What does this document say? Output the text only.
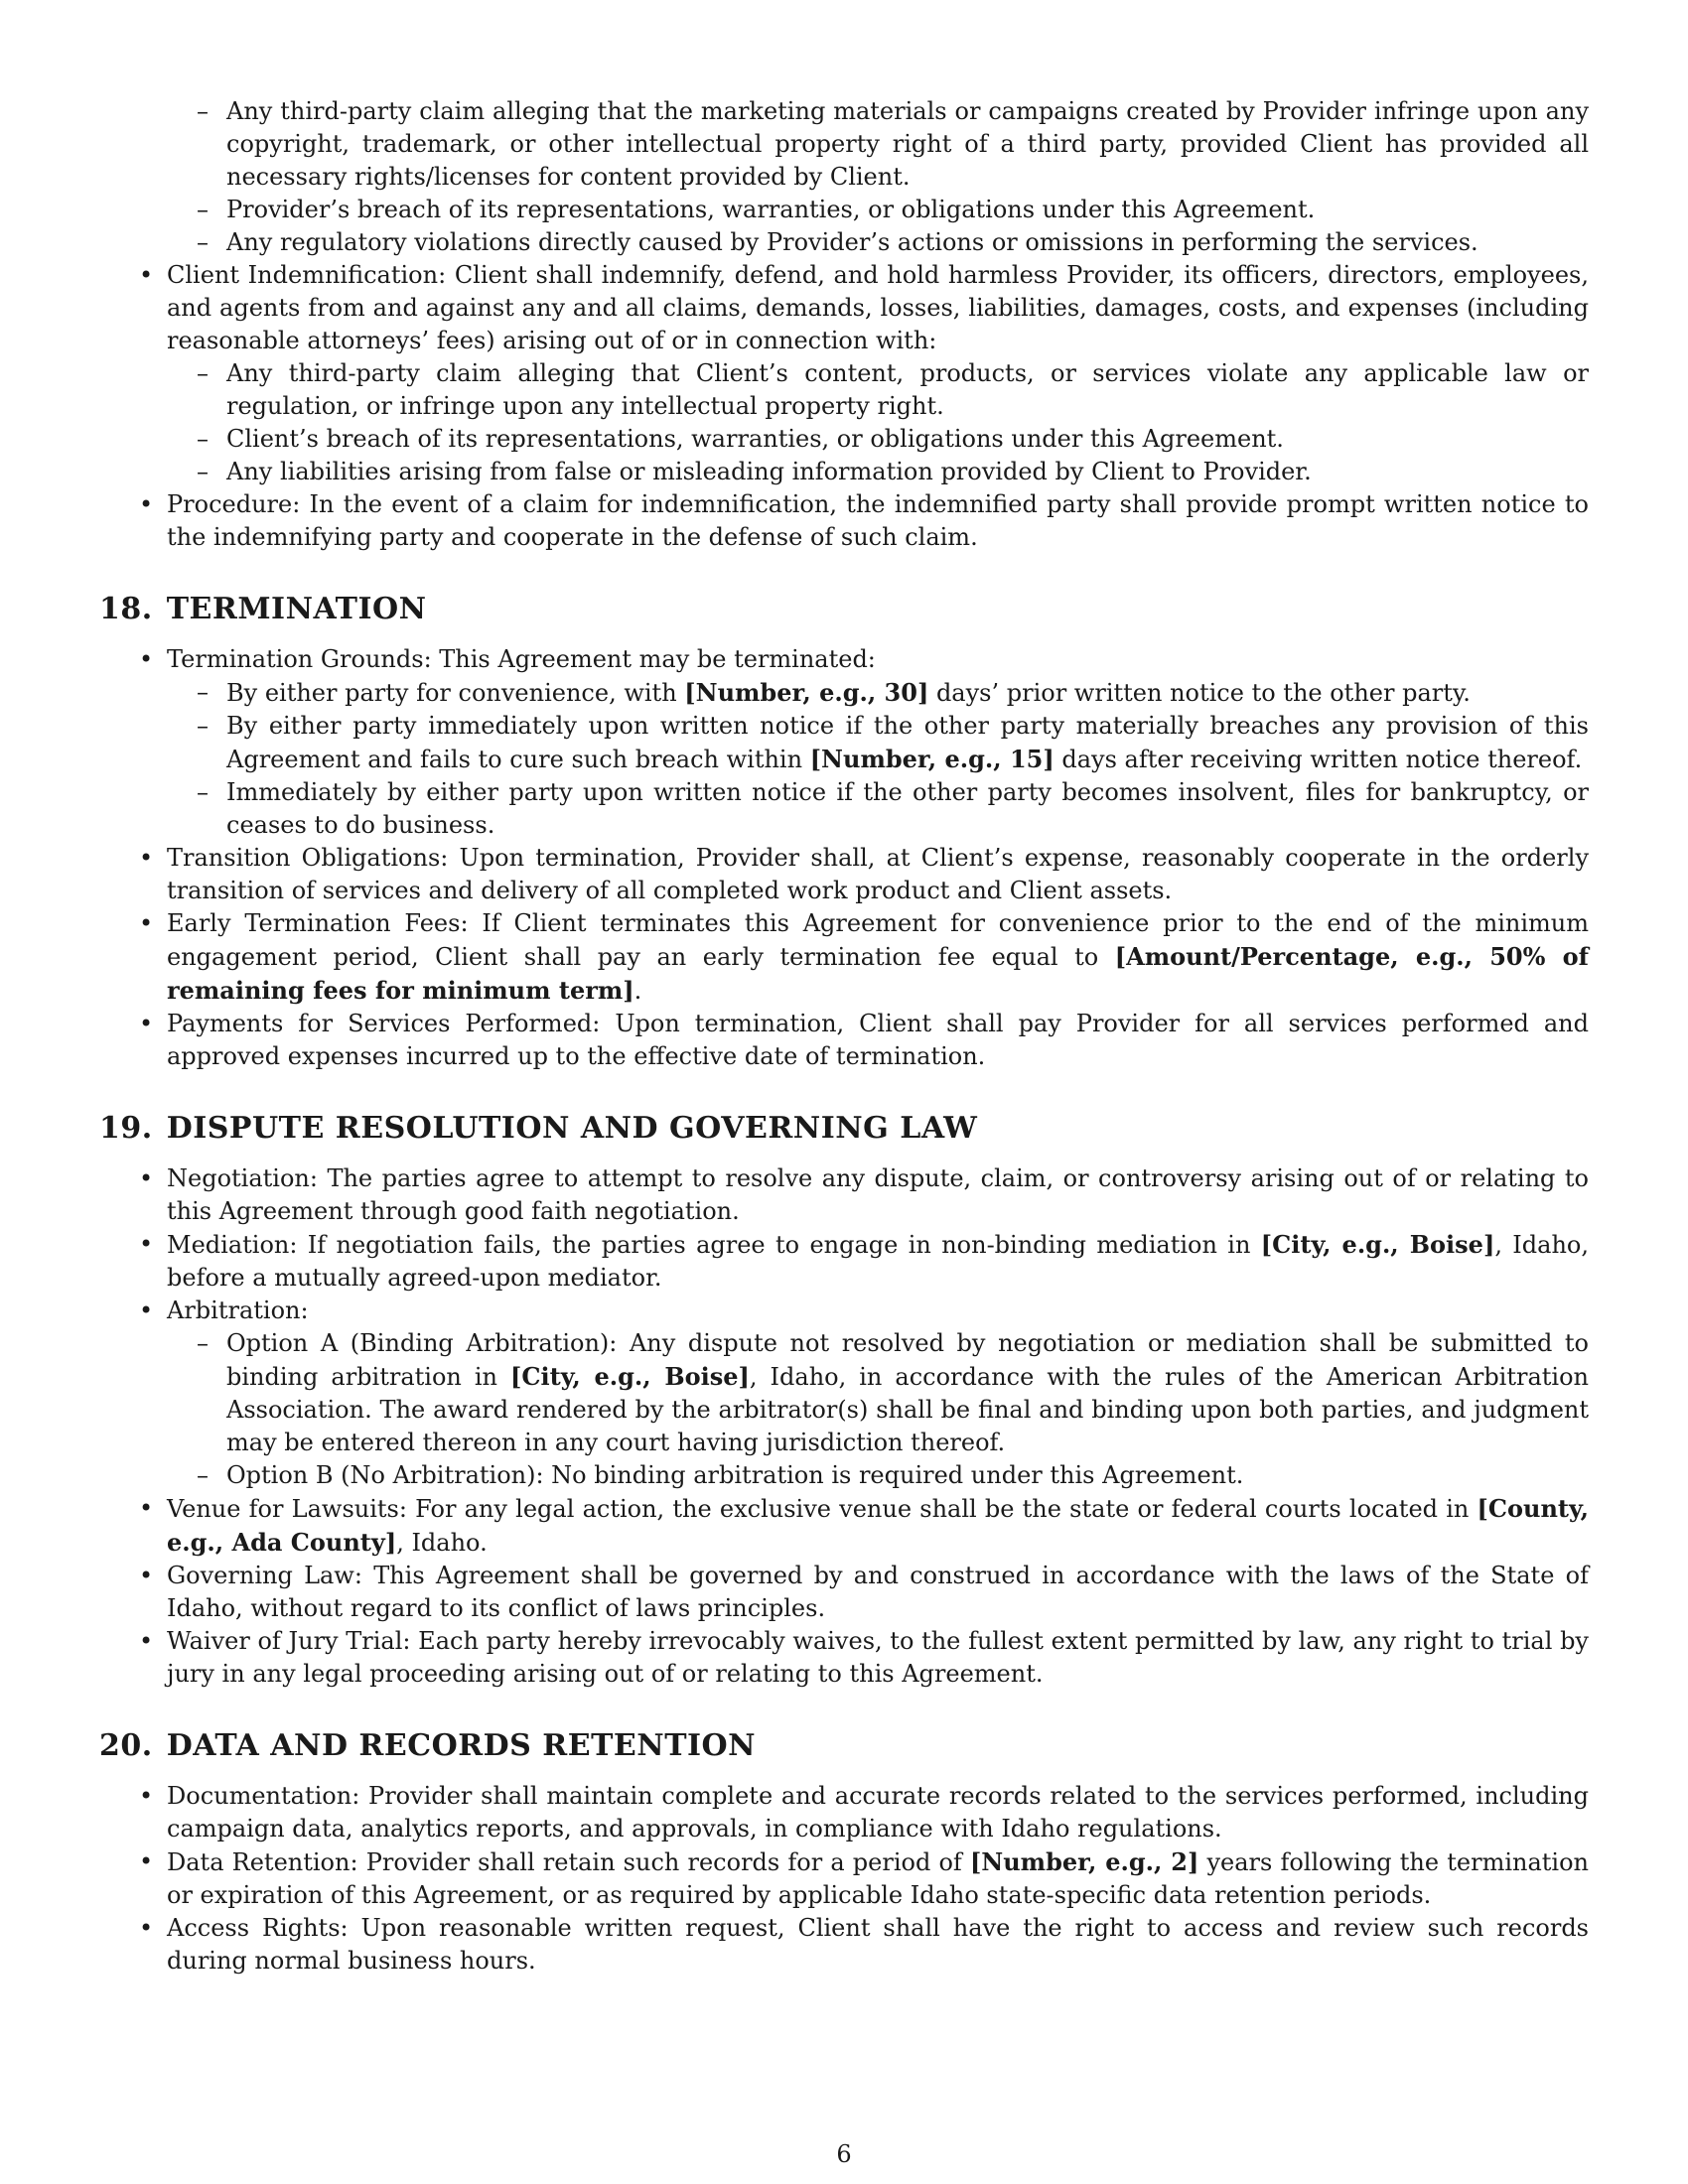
– Any third-party claim alleging that the marketing materials or campaigns created by Provider infringe upon any copyright, trademark, or other intellectual property right of a third party, provided Client has provided all necessary rights/licenses for content provided by Client.
– Provider’s breach of its representations, warranties, or obligations under this Agreement.
– Any regulatory violations directly caused by Provider’s actions or omissions in performing the services.
• Client Indemnification: Client shall indemnify, defend, and hold harmless Provider, its officers, directors, employees, and agents from and against any and all claims, demands, losses, liabilities, damages, costs, and expenses (including reasonable attorneys’ fees) arising out of or in connection with:
– Any third-party claim alleging that Client’s content, products, or services violate any applicable law or regulation, or infringe upon any intellectual property right.
– Client’s breach of its representations, warranties, or obligations under this Agreement.
– Any liabilities arising from false or misleading information provided by Client to Provider.
• Procedure: In the event of a claim for indemnification, the indemnified party shall provide prompt written notice to the indemnifying party and cooperate in the defense of such claim.
18. TERMINATION
• Termination Grounds: This Agreement may be terminated:
– By either party for convenience, with [Number, e.g., 30] days’ prior written notice to the other party.
– By either party immediately upon written notice if the other party materially breaches any provision of this Agreement and fails to cure such breach within [Number, e.g., 15] days after receiving written notice thereof.
– Immediately by either party upon written notice if the other party becomes insolvent, files for bankruptcy, or ceases to do business.
• Transition Obligations: Upon termination, Provider shall, at Client’s expense, reasonably cooperate in the orderly transition of services and delivery of all completed work product and Client assets.
• Early Termination Fees: If Client terminates this Agreement for convenience prior to the end of the minimum engagement period, Client shall pay an early termination fee equal to [Amount/Percentage, e.g., 50% of remaining fees for minimum term].
• Payments for Services Performed: Upon termination, Client shall pay Provider for all services performed and approved expenses incurred up to the effective date of termination.
19. DISPUTE RESOLUTION AND GOVERNING LAW
• Negotiation: The parties agree to attempt to resolve any dispute, claim, or controversy arising out of or relating to this Agreement through good faith negotiation.
• Mediation: If negotiation fails, the parties agree to engage in non-binding mediation in [City, e.g., Boise], Idaho, before a mutually agreed-upon mediator.
• Arbitration:
– Option A (Binding Arbitration): Any dispute not resolved by negotiation or mediation shall be submitted to binding arbitration in [City, e.g., Boise], Idaho, in accordance with the rules of the American Arbitration Association. The award rendered by the arbitrator(s) shall be final and binding upon both parties, and judgment may be entered thereon in any court having jurisdiction thereof.
– Option B (No Arbitration): No binding arbitration is required under this Agreement.
• Venue for Lawsuits: For any legal action, the exclusive venue shall be the state or federal courts located in [County, e.g., Ada County], Idaho.
• Governing Law: This Agreement shall be governed by and construed in accordance with the laws of the State of Idaho, without regard to its conflict of laws principles.
• Waiver of Jury Trial: Each party hereby irrevocably waives, to the fullest extent permitted by law, any right to trial by jury in any legal proceeding arising out of or relating to this Agreement.
20. DATA AND RECORDS RETENTION
• Documentation: Provider shall maintain complete and accurate records related to the services performed, including campaign data, analytics reports, and approvals, in compliance with Idaho regulations.
• Data Retention: Provider shall retain such records for a period of [Number, e.g., 2] years following the termination or expiration of this Agreement, or as required by applicable Idaho state-specific data retention periods.
• Access Rights: Upon reasonable written request, Client shall have the right to access and review such records during normal business hours.
6
